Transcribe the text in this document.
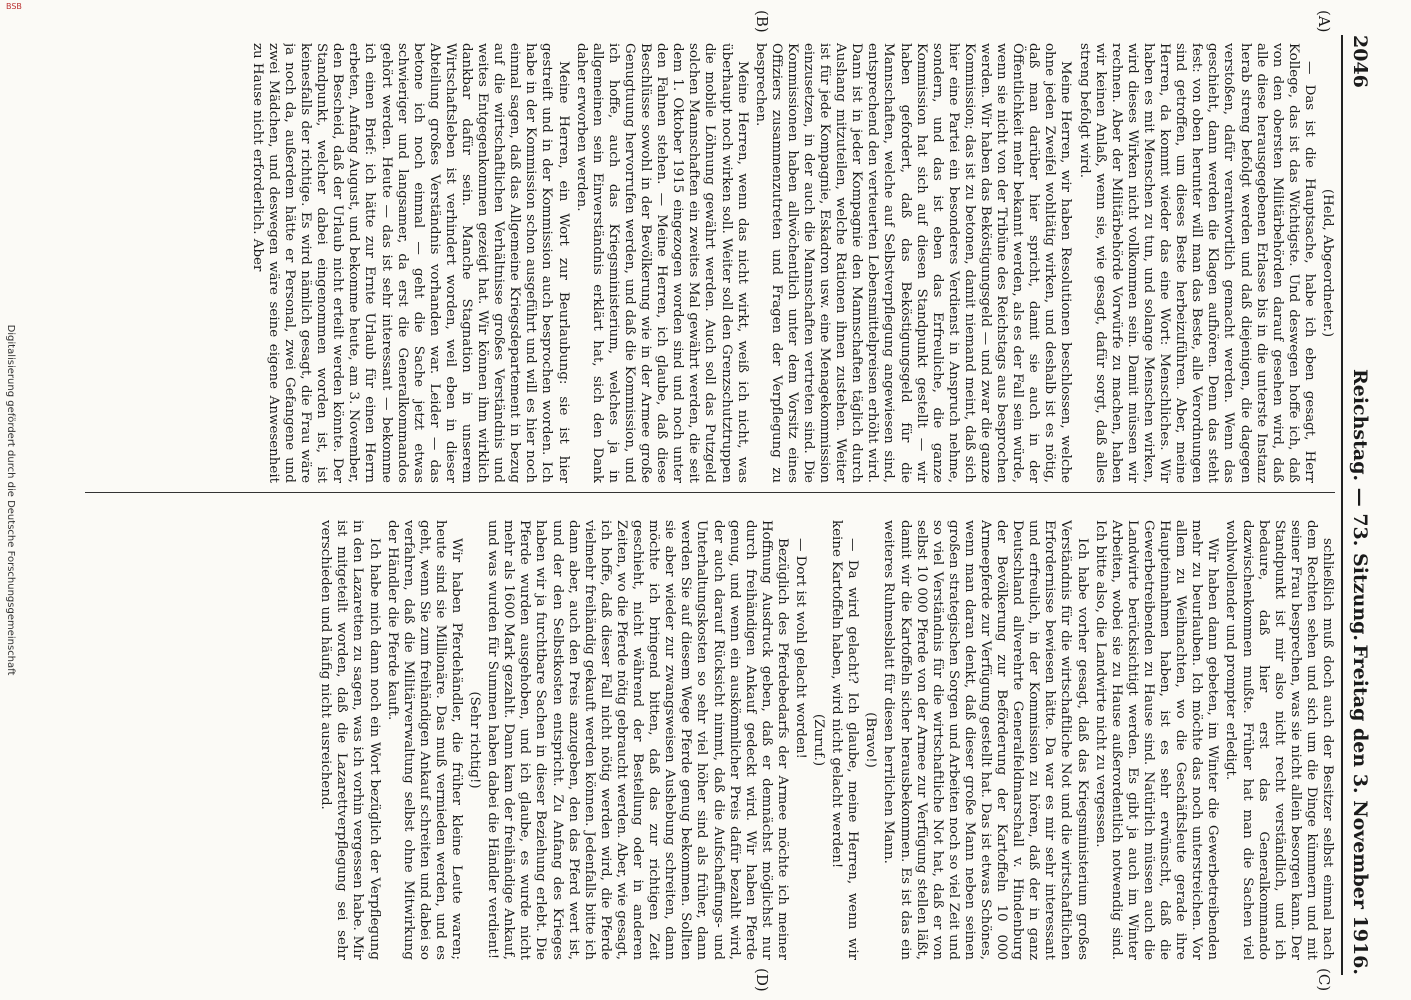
BSB
2046
Reichstag. — 73. Sitzung.
Freitag den 3. November 1916.
(A)
(B)
(C)
(D)

(Held, Abgeordneter.)

— Das ist die Hauptsache, habe ich eben gesagt, Herr Kollege, das ist das Wichtigste. Und deswegen hoffe ich, daß von den obersten Militärbehörden darauf gesehen wird, daß alle diese herausgegebenen Erlasse bis in die unterste Instanz herab streng befolgt werden und daß diejenigen, die dagegen verstoßen, dafür verantwortlich gemacht werden. Wenn das geschieht, dann werden die Klagen aufhören. Denn das steht fest: von oben herunter will man das Beste, alle Verordnungen sind getroffen, um dieses Beste herbeizuführen. Aber, meine Herren, da kommt wieder das eine Wort: Menschliches. Wir haben es mit Menschen zu tun, und solange Menschen wirken, wird dieses Wirken nicht vollkommen sein. Damit müssen wir rechnen. Aber der Militärbehörde Vorwürfe zu machen, haben wir keinen Anlaß, wenn sie, wie gesagt, dafür sorgt, daß alles streng befolgt wird.

Meine Herren, wir haben Resolutionen beschlossen, welche ohne jeden Zweifel wohltätig wirken, und deshalb ist es nötig, daß man darüber hier spricht, damit sie auch in der Öffentlichkeit mehr bekannt werden, als es der Fall sein würde, wenn sie nicht von der Tribüne des Reichstags aus besprochen werden. Wir haben das Beköstigungsgeld — und zwar die ganze Kommission; das ist zu betonen, damit niemand meint, daß sich hier eine Partei ein besonderes Verdienst in Anspruch nehme, sondern, und das ist eben das Erfreuliche, die ganze Kommission hat sich auf diesen Standpunkt gestellt — wir haben gefordert, daß das Beköstigungsgeld für die Mannschaften, welche auf Selbstverpflegung angewiesen sind, entsprechend den verteuerten Lebensmittelpreisen erhöht wird. Dann ist in jeder Kompagnie den Mannschaften täglich durch Aushang mitzuteilen, welche Rationen ihnen zustehen. Weiter ist für jede Kompagnie, Eskadron usw. eine Menagekommission einzusetzen, in der auch die Mannschaften vertreten sind. Die Kommissionen haben allwöchentlich unter dem Vorsitz eines Offiziers zusammenzutreten und Fragen der Verpflegung zu besprechen.

Meine Herren, wenn das nicht wirkt, weiß ich nicht, was überhaupt noch wirken soll. Weiter soll den Grenzschutztruppen die mobile Löhnung gewährt werden. Auch soll das Putzgeld solchen Mannschaften ein zweites Mal gewährt werden, die seit dem 1. Oktober 1915 eingezogen worden sind und noch unter den Fahnen stehen. — Meine Herren, ich glaube, daß diese Beschlüsse sowohl in der Bevölkerung wie in der Armee große Genugtuung hervorrufen werden, und daß die Kommission, und ich hoffe, auch das Kriegsministerium, welches ja in allgemeinen sein Einverständnis erklärt hat, sich den Dank daher erworben werden.

Meine Herren, ein Wort zur Beurlaubung: sie ist hier gestreift und in der Kommission auch besprochen worden. Ich habe in der Kommission schon ausgeführt und will es hier noch einmal sagen, daß das Allgemeine Kriegsdepartement in bezug auf die wirtschaftlichen Verhältnisse großes Verständnis und weites Entgegenkommen gezeigt hat. Wir können ihm wirklich dankbar dafür sein. Manche Stagnation in unserem Wirtschaftsleben ist verhindert worden, weil eben in dieser Abteilung großes Verständnis vorhanden war. Leider — das betone ich noch einmal — geht die Sache jetzt etwas schwieriger und langsamer, da erst die Generalkommandos gehört werden. Heute — das ist sehr interessant — bekomme ich einen Brief: ich hätte zur Ernte Urlaub für einen Herrn erbeten, Anfang August, und bekomme heute, am 3. November, den Bescheid, daß der Urlaub nicht erteilt werden könnte. Der Standpunkt, welcher dabei eingenommen worden ist, ist keinesfalls der richtige. Es wird nämlich gesagt, die Frau wäre ja noch da, außerdem hätte er Personal, zwei Gefangene und zwei Mädchen, und deswegen wäre seine eigene Anwesenheit zu Hause nicht erforderlich. Aber

schließlich muß doch auch der Besitzer selbst einmal nach dem Rechten sehen und sich um die Dinge kümmern und mit seiner Frau besprechen, was sie nicht allein besorgen kann. Der Standpunkt ist mir also nicht recht verständlich, und ich bedaure, daß hier erst das Generalkommando dazwischenkommen mußte. Früher hat man die Sachen viel wohlwollender und prompter erledigt.

Wir haben dann gebeten, im Winter die Gewerbetreibenden mehr zu beurlauben. Ich möchte das noch unterstreichen. Vor allem zu Weihnachten, wo die Geschäftsleute gerade ihre Haupteinnahmen haben, ist es sehr erwünscht, daß die Gewerbetreibenden zu Hause sind. Natürlich müssen auch die Landwirte berücksichtigt werden. Es gibt ja auch im Winter Arbeiten, wobei sie zu Hause außerordentlich notwendig sind. Ich bitte also, die Landwirte nicht zu vergessen.

Ich habe vorher gesagt, daß das Kriegsministerium großes Verständnis für die wirtschaftliche Not und die wirtschaftlichen Erfordernisse bewiesen hätte. Da war es mir sehr interessant und erfreulich, in der Kommission zu hören, daß der in ganz Deutschland allverehrte Generalfeldmarschall v. Hindenburg der Bevölkerung zur Beförderung der Kartoffeln 10 000 Armeepferde zur Verfügung gestellt hat. Das ist etwas Schönes, wenn man daran denkt, daß dieser große Mann neben seinen großen strategischen Sorgen und Arbeiten noch so viel Zeit und so viel Verständnis für die wirtschaftliche Not hat, daß er von selbst 10 000 Pferde von der Armee zur Verfügung stellen läßt, damit wir die Kartoffeln sicher herausbekommen. Es ist das ein weiteres Ruhmesblatt für diesen herrlichen Mann.

(Bravo!)

— Da wird gelacht? Ich glaube, meine Herren, wenn wir keine Kartoffeln haben, wird nicht gelacht werden!

(Zuruf.)

— Dort ist wohl gelacht worden!

Bezüglich des Pferdebedarfs der Armee möchte ich meiner Hoffnung Ausdruck geben, daß er demnächst möglichst nur durch freihändigen Ankauf gedeckt wird. Wir haben Pferde genug, und wenn ein auskömmlicher Preis dafür bezahlt wird, der auch darauf Rücksicht nimmt, daß die Aufschaffungs- und Unterhaltungskosten so sehr viel höher sind als früher, dann werden Sie auf diesem Wege Pferde genug bekommen. Sollten sie aber wieder zur zwangsweisen Aushebung schreiten, dann möchte ich bringend bitten, daß das zur richtigen Zeit geschieht, nicht während der Bestellung oder in anderen Zeiten, wo die Pferde nötig gebraucht werden. Aber, wie gesagt, ich hoffe, daß dieser Fall nicht nötig werden wird, die Pferde vielmehr freihändig gekauft werden können. Jedenfalls bitte ich dann aber, auch den Preis anzugeben, den das Pferd wert ist, und der den Selbstkosten entspricht. Zu Anfang des Krieges haben wir ja furchtbare Sachen in dieser Beziehung erlebt. Die Pferde wurden ausgehoben, und ich glaube, es wurde nicht mehr als 1600 Mark gezahlt. Dann kam der freihändige Ankauf, und was wurden für Summen haben dabei die Händler verdient!

(Sehr richtig!)

Wir haben Pferdehändler, die früher kleine Leute waren; heute sind sie Millionäre. Das muß vermieden werden, und es geht, wenn Sie zum freihändigen Ankauf schreiten und dabei so verfahren, daß die Militärverwaltung selbst ohne Mitwirkung der Händler die Pferde kauft.

Ich habe mich dann noch ein Wort bezüglich der Verpflegung in den Lazaretten zu sagen, was ich vorhin vergessen habe. Mir ist mitgeteilt worden, daß die Lazarettverpflegung sei sehr verschieden und häufig nicht ausreichend.

Digitalisierung gefördert durch die Deutsche Forschungsgemeinschaft
